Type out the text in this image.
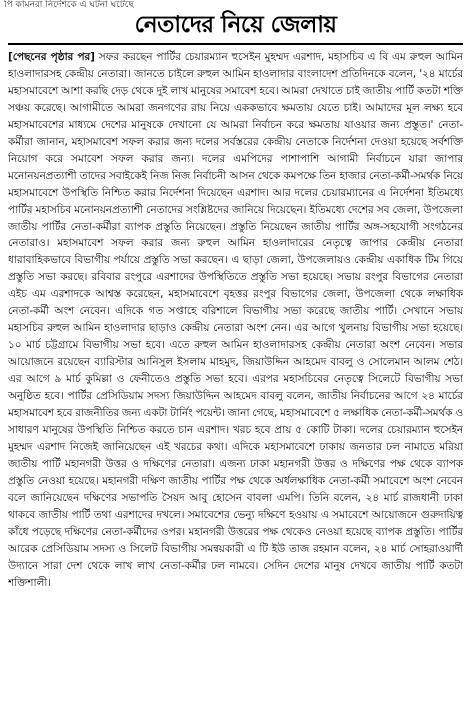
পি কামনরা নির্দেশকে এ ঘটনা ঘটেছে
নেতাদের নিয়ে জেলায়

[পেছনের পৃষ্ঠার পর] সফর করছেন পার্টির চেয়ারম্যান হুসেইন মুহম্মদ এরশাদ, মহাসচিব এ বি এম রুহুল আমিন হাওলাদারসহ কেন্দ্রীয় নেতারা। জানতে চাইলে রুহুল আমিন হাওলাদার বাংলাদেশ প্রতিদিনকে বলেন, '২৪ মার্চের মহাসমাবেশে আশা করছি দেড় থেকে দুই লাখ মানুষের সমাবেশ হবে। আমরা দেখাতে চাই জাতীয় পার্টি কতটা শক্তি সঞ্চয় করেছে। আগামীতে আমরা জনগণের রায় নিয়ে এককভাবে ক্ষমতায় যেতে চাই। আমাদের মূল লক্ষ্য হবে মহাসমাবেশের মাধ্যমে দেশের মানুষকে দেখানো যে আমরা নির্বাচন করে ক্ষমতায় যাওয়ার জন্য প্রস্তুত।' নেতা-কর্মীরা জানান, মহাসমাবেশ সফল করার জন্য দলের সর্বস্তরের কেন্দ্রীয় নেতাকে নির্দেশনা দেওয়া হয়েছে সর্বশক্তি নিয়োগ করে সমাবেশ সফল করার জন্য। দলের এমপিদের পাশাপাশি আগামী নির্বাচনে যারা জাপার মনোনয়নপ্রত্যাশী তাদের সবাইকেই নিজ নিজ নির্বাচনী আসন থেকে কমপক্ষে তিন হাজার নেতা-কর্মী-সমর্থক নিয়ে মহাসমাবেশে উপস্থিতি নিশ্চিত করার নির্দেশনা দিয়েছেন এরশাদ। আর দলের চেয়ারম্যানের এ নির্দেশনা ইতিমধ্যে পার্টির মহাসচিব মনোনয়নপ্রত্যাশী নেতাদের সংশ্লিষ্টদের জানিয়ে দিয়েছেন। ইতিমধ্যে দেশের সব জেলা, উপজেলা জাতীয় পার্টির নেতা-কর্মীরা ব্যাপক প্রস্তুতি নিয়েছেন। প্রস্তুতি নিয়েছেন জাতীয় পার্টির অঙ্গ-সহযোগী সংগঠনের নেতারাও। মহাসমাবেশ সফল করার জন্য রুহুল আমিন হাওলাদারের নেতৃত্বে জাপার কেন্দ্রীয় নেতারা ধারাবাহিকভাবে বিভাগীয় পর্যায়ে প্রস্তুতি সভা করছেন। এ ছাড়া জেলা, উপজেলায়ও কেন্দ্রীয় একাধিক টিম গিয়ে প্রস্তুতি সভা করছে। রবিবার রংপুরে এরশাদের উপস্থিতিতে প্রস্তুতি সভা হয়েছে। সভায় রংপুর বিভাগের নেতারা এইচ এম এরশাদকে আশ্বস্ত করেছেন, মহাসমাবেশে বৃহত্তর রংপুর বিভাগের জেলা, উপজেলা থেকে লক্ষাধিক নেতা-কর্মী অংশ নেবেন। এদিকে গত সপ্তাহে বরিশালে বিভাগীয় সভা করেছে জাতীয় পার্টি। সেখানে সভায় মহাসচিব রুহুল আমিন হাওলাদার ছাড়াও কেন্দ্রীয় নেতারা অংশ নেন। এর আগে খুলনায় বিভাগীয় সভা হয়েছে। ১০ মার্চ চট্টগ্রামে বিভাগীয় সভা হবে। এতে রুহুল আমিন হাওলাদারসহ কেন্দ্রীয় নেতারা অংশ নেবেন। সভার আয়োজনে রয়েছেন ব্যারিস্টার আনিসুল ইসলাম মাহমুদ, জিয়াউদ্দিন আহমেদ বাবলু ও সোলেমান আলম শেঠ। এর আগে ৯ মার্চ কুমিল্লা ও ফেনীতেও প্রস্তুতি সভা হবে। এরপর মহাসচিবের নেতৃত্বে সিলেটে বিভাগীয় সভা অনুষ্ঠিত হবে। পার্টির প্রেসিডিয়াম সদস্য জিয়াউদ্দিন আহমেদ বাবলু বলেন, জাতীয় নির্বাচনের আগে ২৪ মার্চের মহাসমাবেশ হবে রাজনীতির জন্য একটা টার্নিং পয়েন্ট। জানা গেছে, মহাসমাবেশে ৫ লক্ষাধিক নেতা-কর্মী-সমর্থক ও সাধারণ মানুষের উপস্থিতি নিশ্চিত করতে চান এরশাদ। খরচ হবে প্রায় ৫ কোটি টাকা। দলের চেয়ারম্যান হুসেইন মুহম্মদ এরশাদ নিজেই জানিয়েছেন এই খরচের কথা। এদিকে মহাসমাবেশে ঢাকায় জনতার ঢল নামাতে মরিয়া জাতীয় পার্টি মহানগরী উত্তর ও দক্ষিণের নেতারা। এজন্য ঢাকা মহানগরী উত্তর ও দক্ষিণের পক্ষ থেকে ব্যাপক প্রস্তুতি নেওয়া হয়েছে। মহানগরী দক্ষিণ জাতীয় পার্টির পক্ষ থেকে অর্ধলক্ষাধিক নেতা-কর্মী সমাবেশে অংশ নেবেন বলে জানিয়েছেন দক্ষিণের সভাপতি সৈয়দ আবু হোসেন বাবলা এমপি। তিনি বলেন, ২৪ মার্চ রাজধানী ঢাকা থাকবে জাতীয় পার্টি তথা এরশাদের দখলে। সমাবেশের ভেন্যু দক্ষিণে হওয়ায় এ সমাবেশে আয়োজনে গুরুদায়িত্ব কাঁধে পড়েছে দক্ষিণের নেতা-কর্মীদের ওপর। মহানগরী উত্তরের পক্ষ থেকেও নেওয়া হয়েছে ব্যাপক প্রস্তুতি। পার্টির আরেক প্রেসিডিয়াম সদস্য ও সিলেট বিভাগীয় সমন্বয়কারী এ টি ইউ তাজ রহমান বলেন, ২৪ মার্চ সোহরাওয়ার্দী উদ্যানে সারা দেশ থেকে লাখ লাখ নেতা-কর্মীর ঢল নামবে। সেদিন দেশের মানুষ দেখবে জাতীয় পার্টি কতটা শক্তিশালী।
